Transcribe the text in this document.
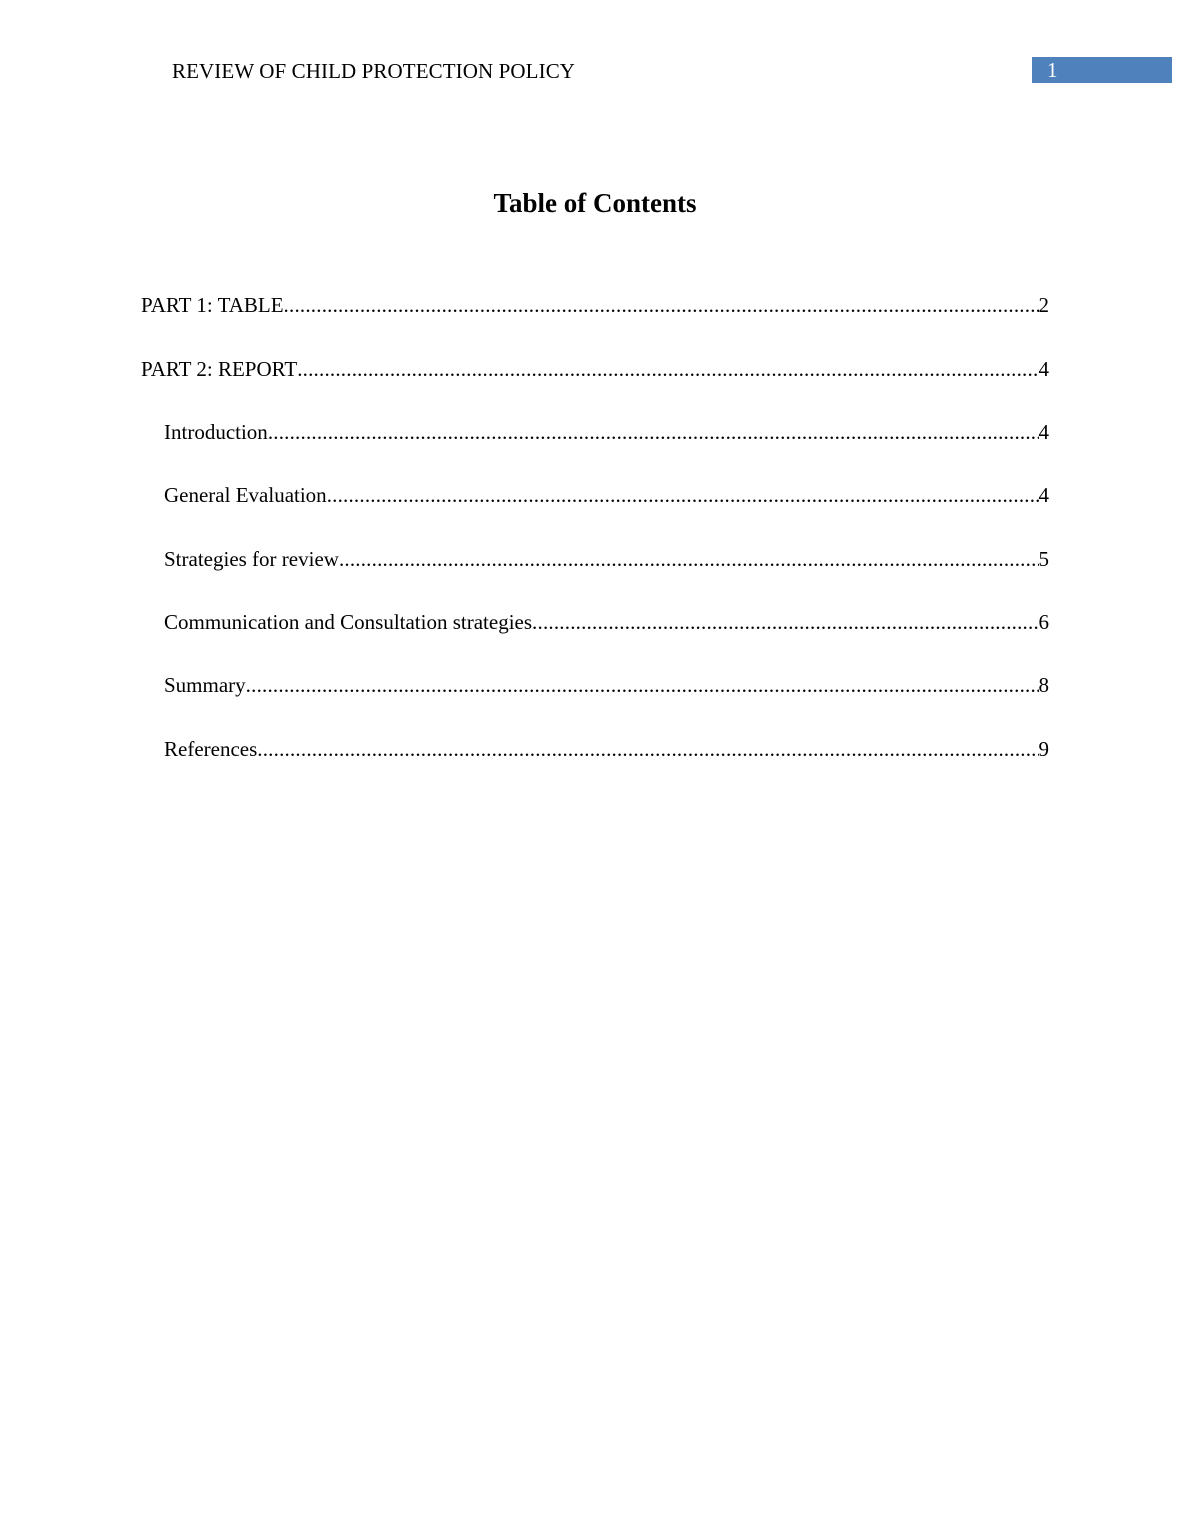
REVIEW OF CHILD PROTECTION POLICY	1
Table of Contents
PART 1: TABLE .....	2
PART 2: REPORT .....	4
Introduction .....	4
General Evaluation .....	4
Strategies for review .....	5
Communication and Consultation strategies .....	6
Summary .....	8
References .....	9
